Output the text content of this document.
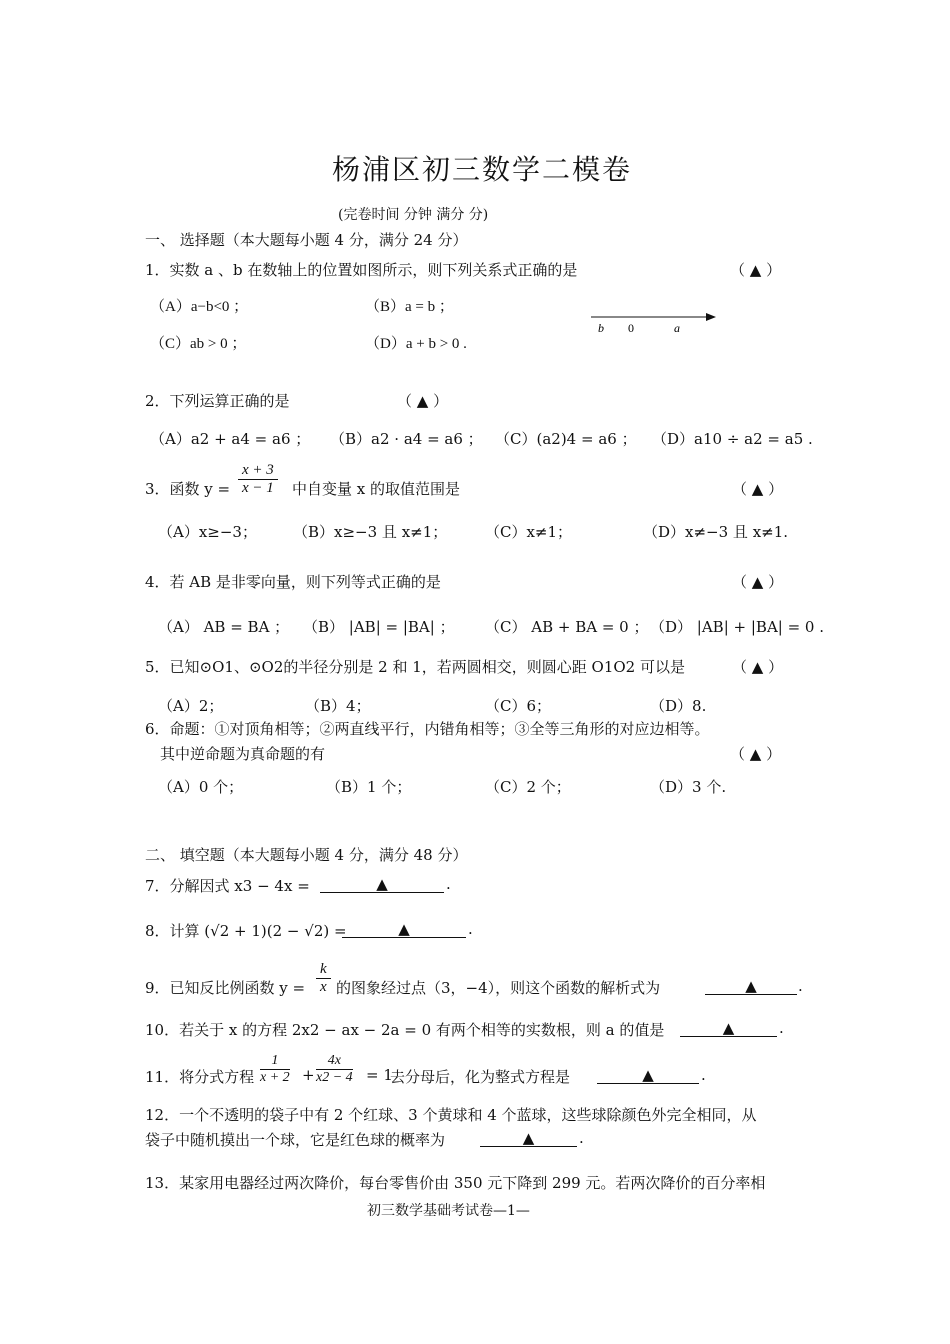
杨浦区初三数学二模卷
(完卷时间 分钟 满分 分)
一、 选择题（本大题每小题 4 分，满分 24 分）
1．实数 a 、b 在数轴上的位置如图所示，则下列关系式正确的是	（ ▲ ）
（A）a−b<0 ；	（B）a = b ；
（C）ab > 0 ；	（D）a + b > 0 .
b 0	a
2．下列运算正确的是	（ ▲ ）
（A）a2 + a4 = a6 ； （B）a2 · a4 = a6 ； （C）(a2)4 = a6 ； （D）a10 ÷ a2 = a5 .
3．函数 $y = \frac{x + 3}{x - 1}$ 中自变量 x 的取值范围是	（ ▲ ）
（A）x≥−3； （B）x≥−3 且 x≠1；	（C）x≠1；	（D）x≠−3 且 x≠1.
4．若 AB 是非零向量，则下列等式正确的是	（ ▲ ）
（A） AB = BA ； （B） |AB| = |BA| ； （C） AB + BA = 0 ； （D） |AB| + |BA| = 0 .
5．已知⊙O1、⊙O2的半径分别是 2 和 1，若两圆相交，则圆心距 O1O2 可以是	（ ▲ ）
（A）2；	（B）4；	（C）6；	（D）8.
6．命题：①对顶角相等；②两直线平行，内错角相等；③全等三角形的对应边相等。
其中逆命题为真命题的有	（ ▲ ）
（A）0 个；	（B）1 个；	（C）2 个；	（D）3 个.
二、 填空题（本大题每小题 4 分，满分 48 分）
7．分解因式 x3 − 4x =	▲	.
8．计算 (√2 + 1)(2 − √2) =	▲	.
9．已知反比例函数 $y = \frac{k}{x}$ 的图象经过点（3，−4），则这个函数的解析式为	▲	.
10．若关于 x 的方程 2x2 − ax − 2a = 0 有两个相等的实数根，则 a 的值是	▲	.
11．将分式方程 $\frac{1}{x + 2} + \frac{4x}{x2 - 4} = 1$
去分母后，化为整式方程是	▲	.
12．一个不透明的袋子中有 2 个红球、3 个黄球和 4 个蓝球，这些球除颜色外完全相同，从
袋子中随机摸出一个球，它是红色球的概率为	▲	.
13．某家用电器经过两次降价，每台零售价由 350 元下降到 299 元。若两次降价的百分率相
初三数学基础考试卷—1—
